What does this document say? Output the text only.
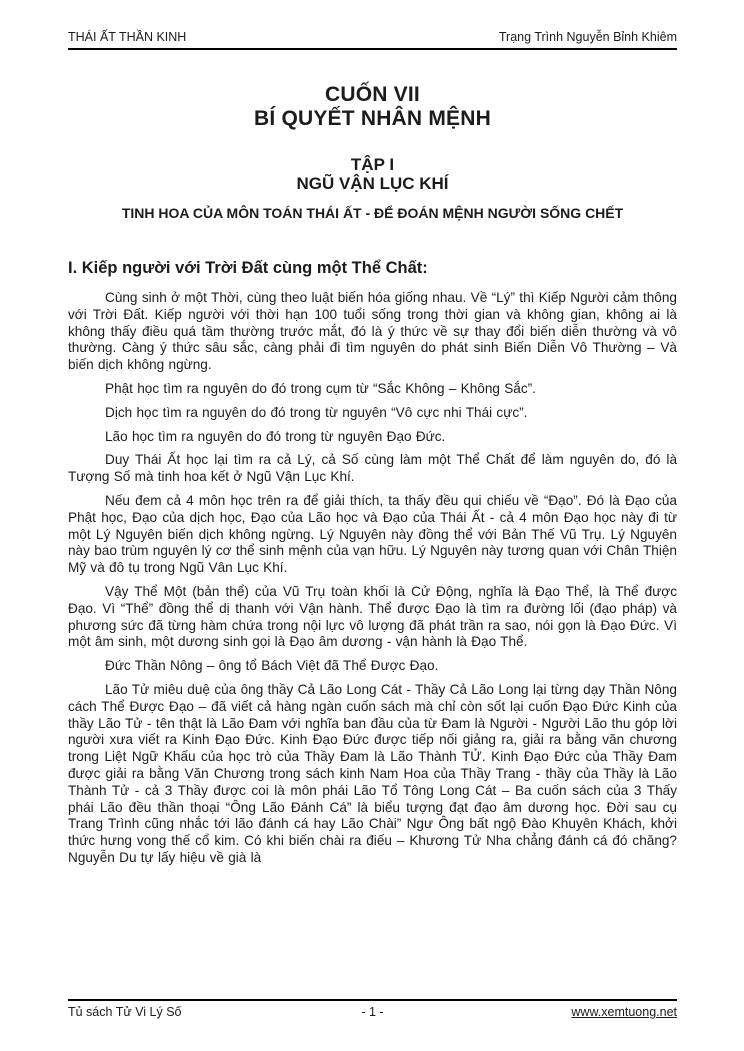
THÁI ẤT THẦN KINH	Trạng Trình Nguyễn Bỉnh Khiêm
CUỐN VII
BÍ QUYẾT NHÂN MỆNH
TẬP I
NGŨ VẬN LỤC KHÍ
TINH HOA CỦA MÔN TOÁN THÁI ẤT - ĐỂ ĐOÁN MỆNH NGƯỜI SỐNG CHẾT
I. Kiếp người với Trời Đất cùng một Thể Chất:

Cùng sinh ở một Thời, cùng theo luật biến hóa giống nhau. Về “Lý” thì Kiếp Người cảm thông với Trời Đất. Kiếp người với thời hạn 100 tuổi sống trong thời gian và không gian, không ai là không thấy điều quá tầm thường trước mắt, đó là ý thức về sự thay đổi biến diễn thường và vô thường. Càng ý thức sâu sắc, càng phải đi tìm nguyên do phát sinh Biến Diễn Vô Thường – Và biến dịch không ngừng.

Phật học tìm ra nguyên do đó trong cụm từ “Sắc Không – Không Sắc”.

Dịch học tìm ra nguyên do đó trong từ nguyên “Vô cực nhi Thái cực”.

Lão học tìm ra nguyên do đó trong từ nguyên Đạo Đức.

Duy Thái Ất học lại tìm ra cả Lý, cả Số cùng làm một Thể Chất để làm nguyên do, đó là Tượng Số mà tinh hoa kết ở Ngũ Vận Lục Khí.

Nếu đem cả 4 môn học trên ra để giải thích, ta thấy đều qui chiếu về “Đạo”. Đó là Đạo của Phật học, Đạo của dịch học, Đạo của Lão học và Đạo của Thái Ất - cả 4 môn Đạo học này đi từ một Lý Nguyên biến dịch không ngừng. Lý Nguyên này đồng thể với Bản Thế Vũ Trụ. Lý Nguyên này bao trùm nguyên lý cơ thể sinh mệnh của vạn hữu. Lý Nguyên này tương quan với Chân Thiện Mỹ và đô tụ trong Ngũ Vân Lục Khí.

Vậy Thể Một (bản thể) của Vũ Trụ toàn khối là Cử Động, nghĩa là Đạo Thể, là Thể được Đạo. Vì “Thể” đồng thể dị thanh với Vận hành. Thể được Đạo là tìm ra đường lối (đạo pháp) và phương sức đã từng hàm chứa trong nội lực vô lượng đã phát trần ra sao, nói gọn là Đạo Đức. Vì một âm sinh, một dương sinh gọi là Đạo âm dương - vận hành là Đạo Thể.

Đức Thần Nông – ông tổ Bách Việt đã Thể Được Đạo.

Lão Tử miêu duệ của ông thầy Cả Lão Long Cát - Thầy Cả Lão Long lại từng dạy Thần Nông cách Thể Được Đạo – đã viết cả hàng ngàn cuốn sách mà chỉ còn sốt lại cuốn Đạo Đức Kinh của thầy Lão Tử - tên thật là Lão Đam với nghĩa ban đầu của từ Đam là Người - Người Lão thu góp lời người xưa viết ra Kinh Đạo Đức. Kinh Đạo Đức được tiếp nối giảng ra, giải ra bằng văn chương trong Liệt Ngữ Khấu của học trò của Thầy Đam là Lão Thành TỬ. Kinh Đạo Đức của Thầy Đam được giải ra bằng Văn Chương trong sách kinh Nam Hoa của Thầy Trang - thầy của Thầy là Lão Thành Tử - cả 3 Thầy được coi là môn phái Lão Tổ Tông Long Cát – Ba cuốn sách của 3 Thấy phái Lão đều thần thoại “Ông Lão Đánh Cá” là biểu tượng đạt đạo âm dương học. Đời sau cụ Trang Trình cũng nhắc tới lão đánh cá hay Lão Chài” Ngư Ông bất ngộ Đào Khuyên Khách, khởi thức hưng vong thế cổ kim. Có khi biến chài ra điếu – Khương Tử Nha chẳng đánh cá đó chăng? Nguyễn Du tự lấy hiệu về già là

Tủ sách Tử Vi Lý Số	- 1 -	www.xemtuong.net
